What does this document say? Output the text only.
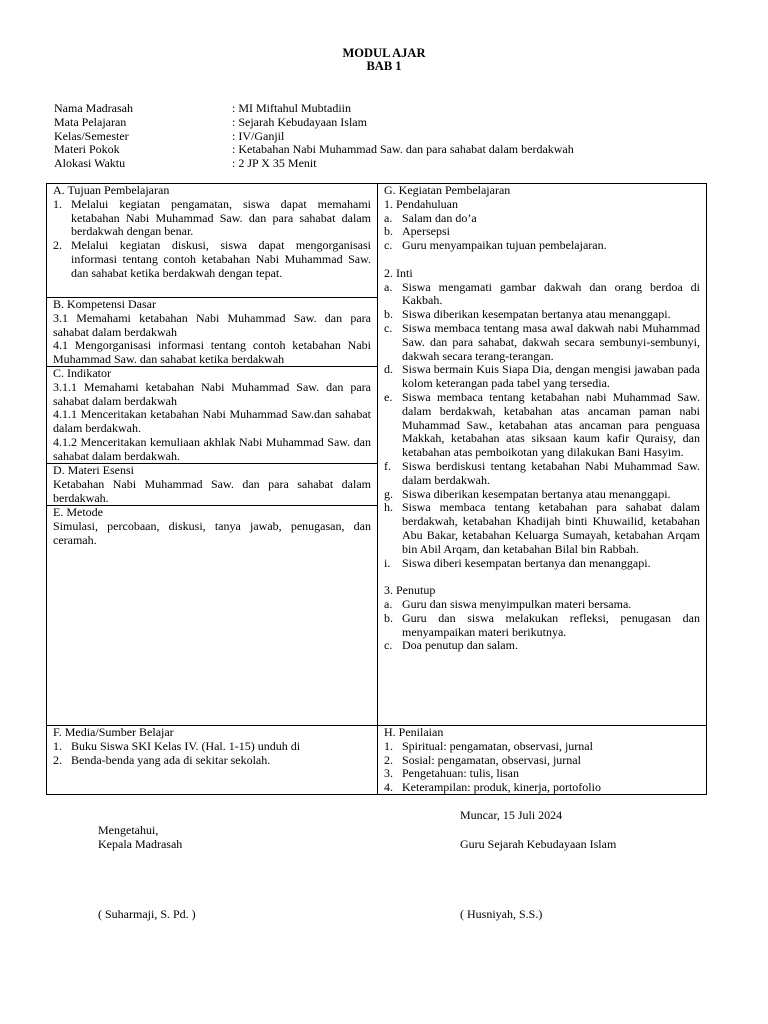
MODUL AJAR
BAB 1
Nama Madrasah	: MI Miftahul Mubtadiin
Mata Pelajaran	: Sejarah Kebudayaan Islam
Kelas/Semester	: IV/Ganjil
Materi Pokok	: Ketabahan Nabi Muhammad Saw. dan para sahabat dalam berdakwah
Alokasi Waktu	: 2 JP X 35 Menit

A. Tujuan Pembelajaran

1. Melalui kegiatan pengamatan, siswa dapat memahami ketabahan Nabi Muhammad Saw. dan para sahabat dalam berdakwah dengan benar.
2. Melalui kegiatan diskusi, siswa dapat mengorganisasi informasi tentang contoh ketabahan Nabi Muhammad Saw. dan sahabat ketika berdakwah dengan tepat.

B. Kompetensi Dasar

3.1 Memahami ketabahan Nabi Muhammad Saw. dan para sahabat dalam berdakwah

4.1 Mengorganisasi informasi tentang contoh ketabahan Nabi Muhammad Saw. dan sahabat ketika berdakwah

C. Indikator

3.1.1 Memahami ketabahan Nabi Muhammad Saw. dan para sahabat dalam berdakwah

4.1.1 Menceritakan ketabahan Nabi Muhammad Saw.dan sahabat dalam berdakwah.

4.1.2 Menceritakan kemuliaan akhlak Nabi Muhammad Saw. dan sahabat dalam berdakwah.

D. Materi Esensi

Ketabahan Nabi Muhammad Saw. dan para sahabat dalam berdakwah.

E. Metode

Simulasi, percobaan, diskusi, tanya jawab, penugasan, dan ceramah.

G. Kegiatan Pembelajaran

1. Pendahuluan

a. Salam dan do’a
b. Apersepsi
c. Guru menyampaikan tujuan pembelajaran.

2. Inti

a. Siswa mengamati gambar dakwah dan orang berdoa di Kakbah.
b. Siswa diberikan kesempatan bertanya atau menanggapi.
c. Siswa membaca tentang masa awal dakwah nabi Muhammad Saw. dan para sahabat, dakwah secara sembunyi-sembunyi, dakwah secara terang-terangan.
d. Siswa bermain Kuis Siapa Dia, dengan mengisi jawaban pada kolom keterangan pada tabel yang tersedia.
e. Siswa membaca tentang ketabahan nabi Muhammad Saw. dalam berdakwah, ketabahan atas ancaman paman nabi Muhammad Saw., ketabahan atas ancaman para penguasa Makkah, ketabahan atas siksaan kaum kafir Quraisy, dan ketabahan atas pemboikotan yang dilakukan Bani Hasyim.
f. Siswa berdiskusi tentang ketabahan Nabi Muhammad Saw. dalam berdakwah.
g. Siswa diberikan kesempatan bertanya atau menanggapi.
h. Siswa membaca tentang ketabahan para sahabat dalam berdakwah, ketabahan Khadijah binti Khuwailid, ketabahan Abu Bakar, ketabahan Keluarga Sumayah, ketabahan Arqam bin Abil Arqam, dan ketabahan Bilal bin Rabbah.
i. Siswa diberi kesempatan bertanya dan menanggapi.

3. Penutup

a. Guru dan siswa menyimpulkan materi bersama.
b. Guru dan siswa melakukan refleksi, penugasan dan menyampaikan materi berikutnya.
c. Doa penutup dan salam.

F. Media/Sumber Belajar

1. Buku Siswa SKI Kelas IV. (Hal. 1-15) unduh di
2. Benda-benda yang ada di sekitar sekolah.

H. Penilaian

1. Spiritual: pengamatan, observasi, jurnal
2. Sosial: pengamatan, observasi, jurnal
3. Pengetahuan: tulis, lisan
4. Keterampilan: produk, kinerja, portofolio
Muncar, 15 Juli 2024
Mengetahui,
Kepala Madrasah	Guru Sejarah Kebudayaan Islam
( Suharmaji, S. Pd. )	( Husniyah, S.S.)
